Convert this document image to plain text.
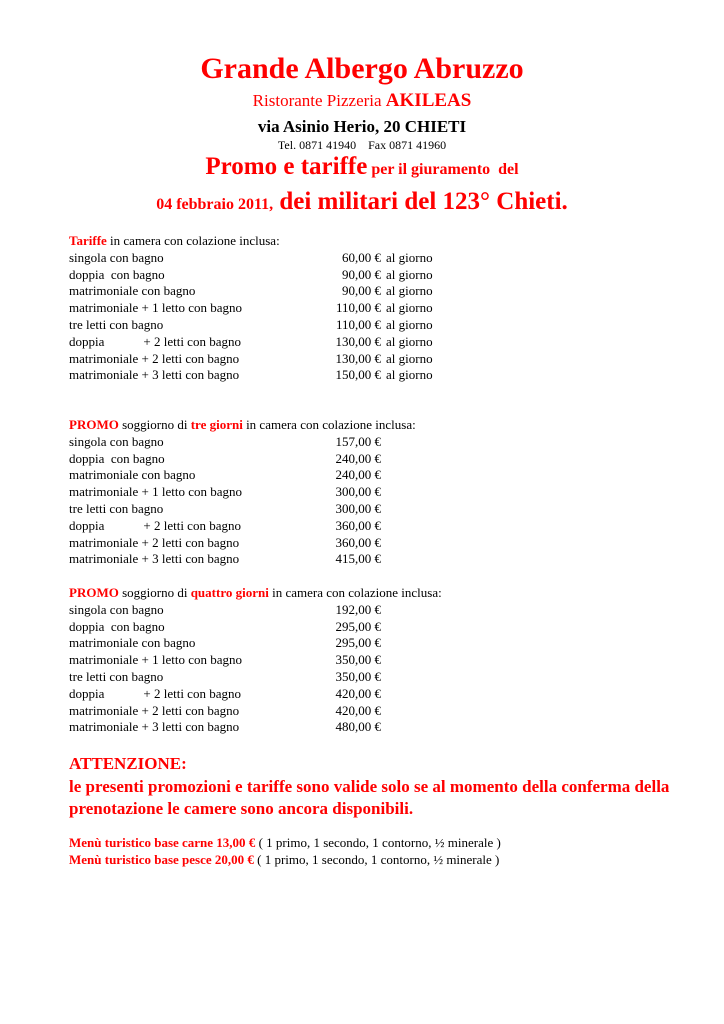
Grande Albergo Abruzzo
Ristorante Pizzeria AKILEAS
via Asinio Herio, 20 CHIETI
Tel. 0871 41940    Fax 0871 41960
Promo e tariffe per il giuramento  del
04 febbraio 2011, dei militari del 123° Chieti.
Tariffe in camera con colazione inclusa:
singola con bagno	60,00 € al giorno
doppia  con bagno	90,00 € al giorno
matrimoniale con bagno	90,00 € al giorno
matrimoniale + 1 letto con bagno	110,00 € al giorno
tre letti con bagno	110,00 € al giorno
doppia            + 2 letti con bagno	130,00 € al giorno
matrimoniale + 2 letti con bagno	130,00 € al giorno
matrimoniale + 3 letti con bagno	150,00 € al giorno
PROMO soggiorno di tre giorni in camera con colazione inclusa:
singola con bagno	157,00 €
doppia  con bagno	240,00 €
matrimoniale con bagno	240,00 €
matrimoniale + 1 letto con bagno	300,00 €
tre letti con bagno	300,00 €
doppia            + 2 letti con bagno	360,00 €
matrimoniale + 2 letti con bagno	360,00 €
matrimoniale + 3 letti con bagno	415,00 €
PROMO soggiorno di quattro giorni in camera con colazione inclusa:
singola con bagno	192,00 €
doppia  con bagno	295,00 €
matrimoniale con bagno	295,00 €
matrimoniale + 1 letto con bagno	350,00 €
tre letti con bagno	350,00 €
doppia            + 2 letti con bagno	420,00 €
matrimoniale + 2 letti con bagno	420,00 €
matrimoniale + 3 letti con bagno	480,00 €
ATTENZIONE:
le presenti promozioni e tariffe sono valide solo se al momento della conferma della prenotazione le camere sono ancora disponibili.
Menù turistico base carne 13,00 € ( 1 primo, 1 secondo, 1 contorno, ½ minerale )
Menù turistico base pesce 20,00 € ( 1 primo, 1 secondo, 1 contorno, ½ minerale )
